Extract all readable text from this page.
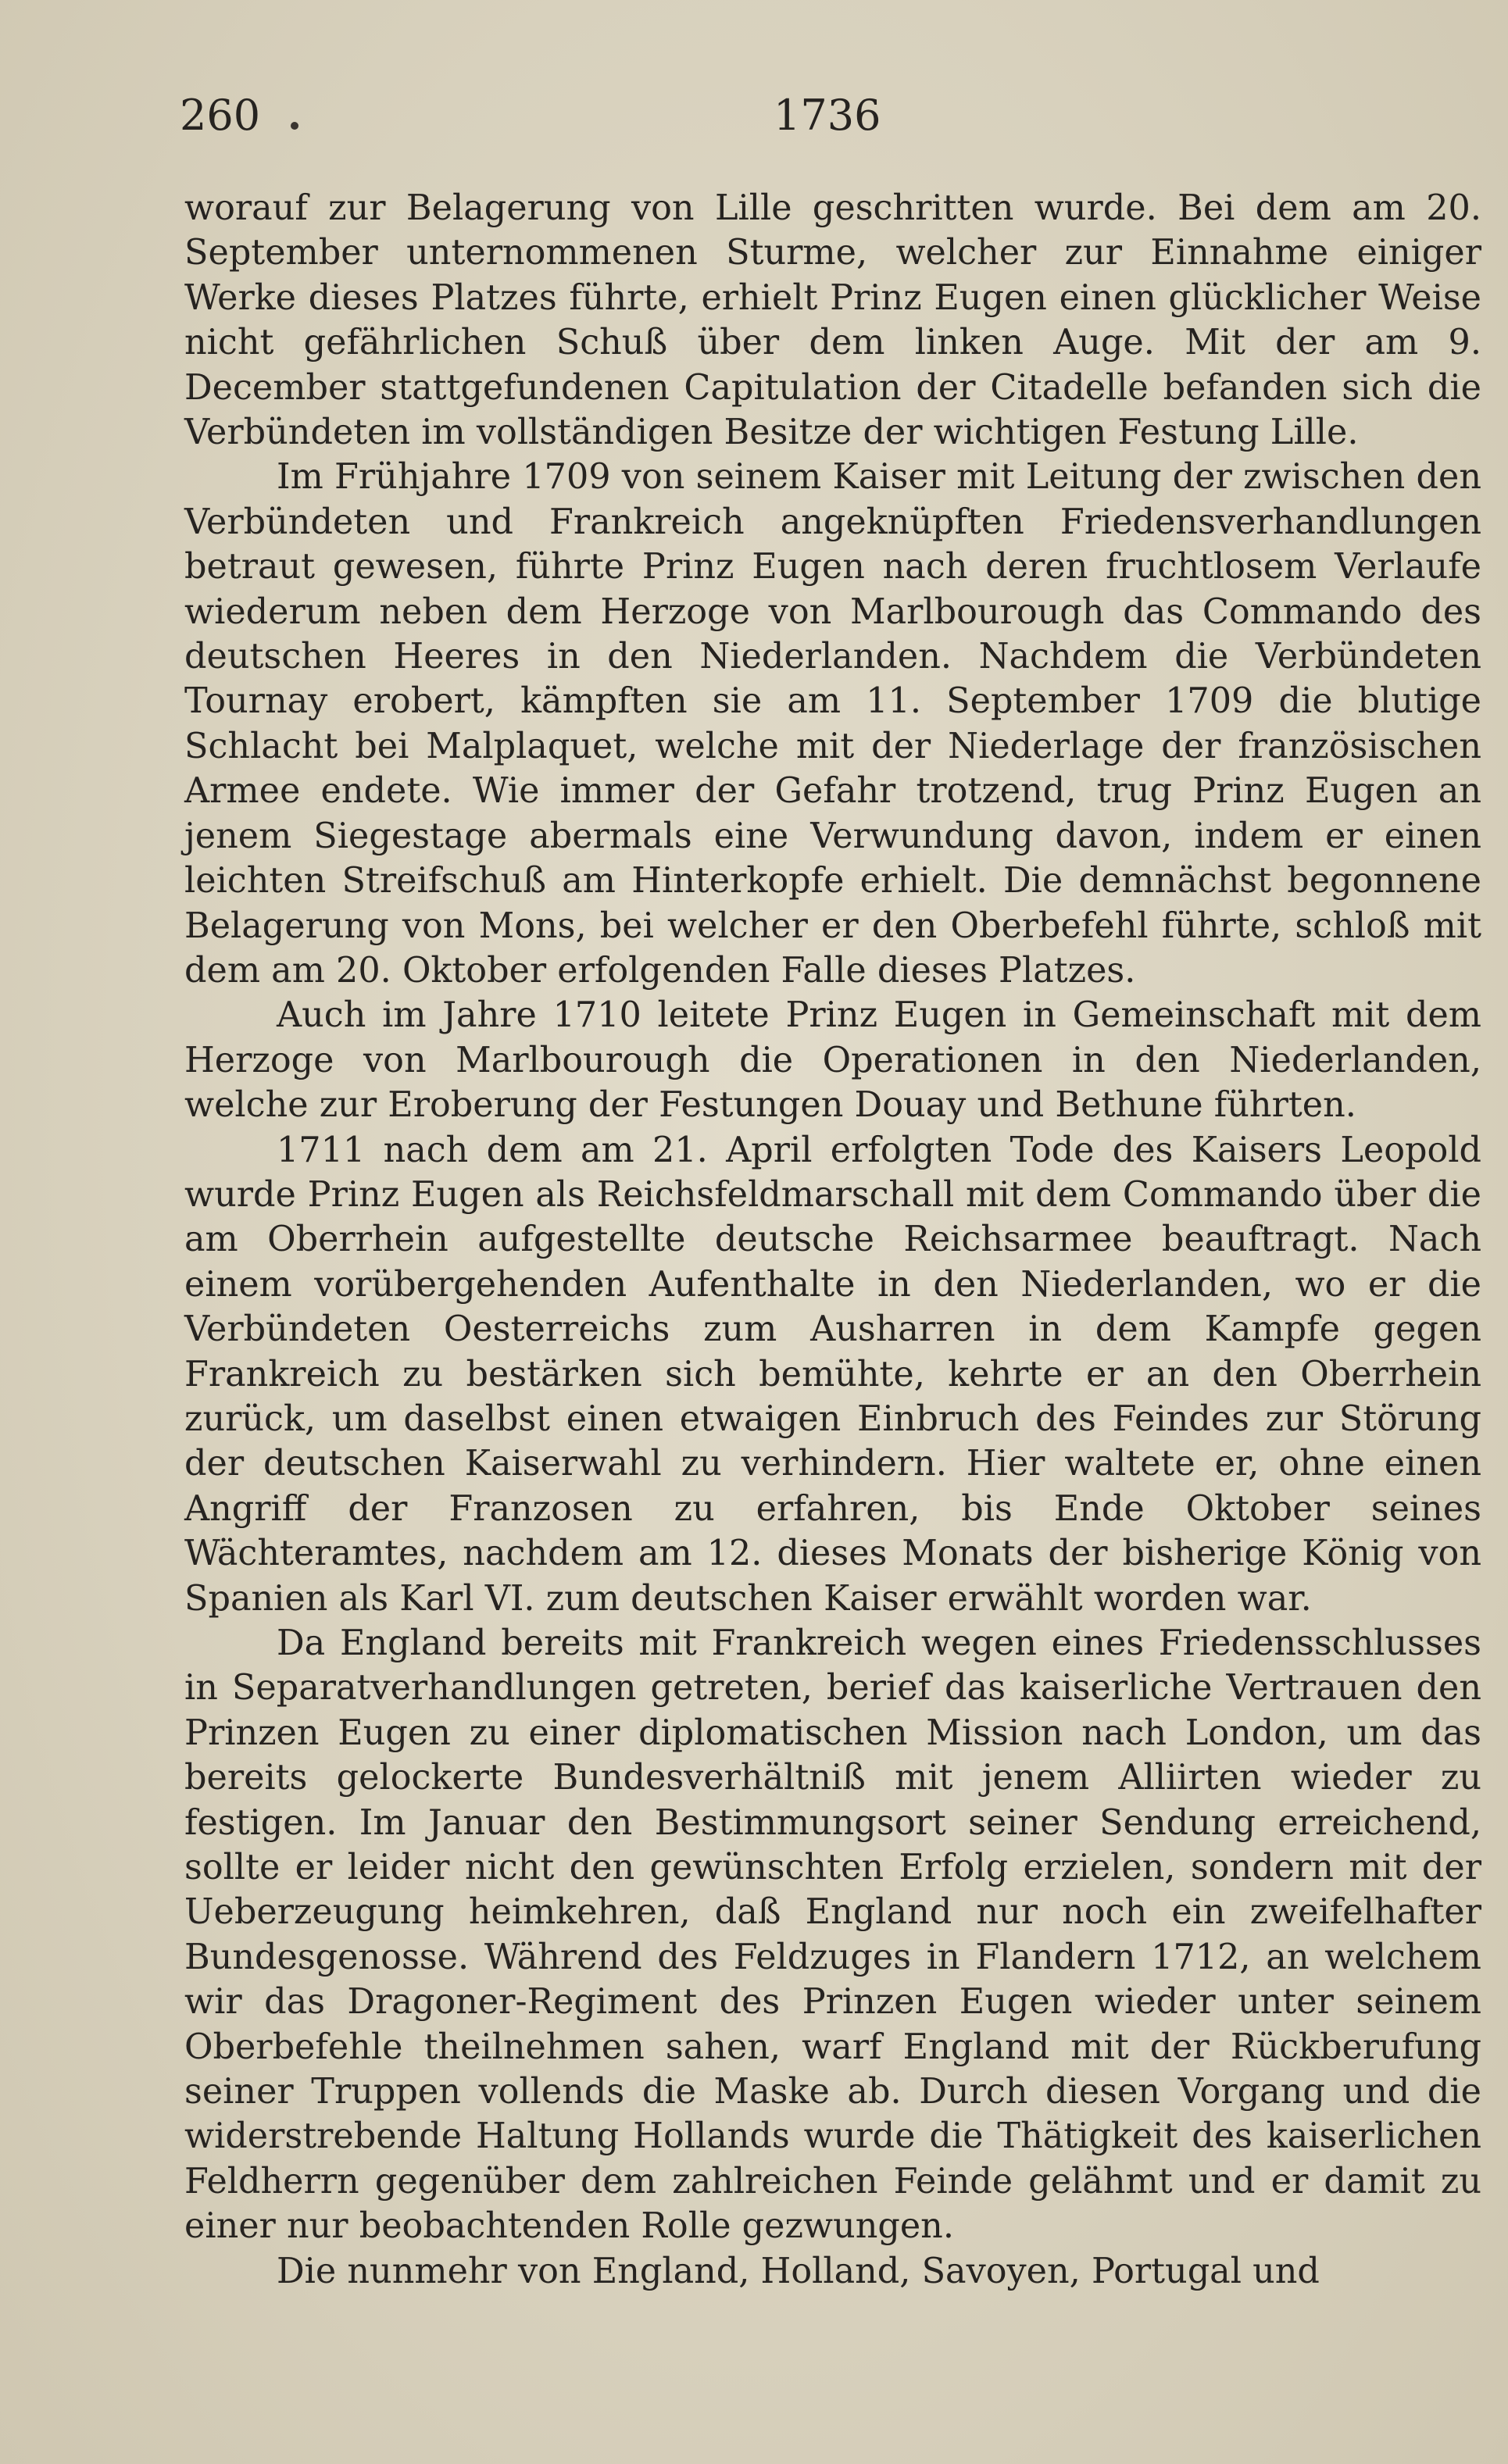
260	1736

worauf zur Belagerung von Lille geschritten wurde. Bei dem am 20. September unternommenen Sturme, welcher zur Einnahme einiger Werke dieses Platzes führte, erhielt Prinz Eugen einen glücklicher Weise nicht gefährlichen Schuß über dem linken Auge. Mit der am 9. December stattgefundenen Capitulation der Citadelle befanden sich die Verbündeten im vollständigen Besitze der wichtigen Festung Lille.

Im Frühjahre 1709 von seinem Kaiser mit Leitung der zwischen den Verbündeten und Frankreich angeknüpften Friedensverhandlungen betraut gewesen, führte Prinz Eugen nach deren fruchtlosem Verlaufe wiederum neben dem Herzoge von Marlbourough das Commando des deutschen Heeres in den Niederlanden. Nachdem die Verbündeten Tournay erobert, kämpften sie am 11. September 1709 die blutige Schlacht bei Malplaquet, welche mit der Niederlage der französischen Armee endete. Wie immer der Gefahr trotzend, trug Prinz Eugen an jenem Siegestage abermals eine Verwundung davon, indem er einen leichten Streifschuß am Hinterkopfe erhielt. Die demnächst begonnene Belagerung von Mons, bei welcher er den Oberbefehl führte, schloß mit dem am 20. Oktober erfolgenden Falle dieses Platzes.

Auch im Jahre 1710 leitete Prinz Eugen in Gemeinschaft mit dem Herzoge von Marlbourough die Operationen in den Niederlanden, welche zur Eroberung der Festungen Douay und Bethune führten.

1711 nach dem am 21. April erfolgten Tode des Kaisers Leopold wurde Prinz Eugen als Reichsfeldmarschall mit dem Commando über die am Oberrhein aufgestellte deutsche Reichsarmee beauftragt. Nach einem vorübergehenden Aufenthalte in den Niederlanden, wo er die Verbündeten Oesterreichs zum Ausharren in dem Kampfe gegen Frankreich zu bestärken sich bemühte, kehrte er an den Oberrhein zurück, um daselbst einen etwaigen Einbruch des Feindes zur Störung der deutschen Kaiserwahl zu verhindern. Hier waltete er, ohne einen Angriff der Franzosen zu erfahren, bis Ende Oktober seines Wächteramtes, nachdem am 12. dieses Monats der bisherige König von Spanien als Karl VI. zum deutschen Kaiser erwählt worden war.

Da England bereits mit Frankreich wegen eines Friedensschlusses in Separatverhandlungen getreten, berief das kaiserliche Vertrauen den Prinzen Eugen zu einer diplomatischen Mission nach London, um das bereits gelockerte Bundesverhältniß mit jenem Alliirten wieder zu festigen. Im Januar den Bestimmungsort seiner Sendung erreichend, sollte er leider nicht den gewünschten Erfolg erzielen, sondern mit der Ueberzeugung heimkehren, daß England nur noch ein zweifelhafter Bundesgenosse. Während des Feldzuges in Flandern 1712, an welchem wir das Dragoner-Regiment des Prinzen Eugen wieder unter seinem Oberbefehle theilnehmen sahen, warf England mit der Rückberufung seiner Truppen vollends die Maske ab. Durch diesen Vorgang und die widerstrebende Haltung Hollands wurde die Thätigkeit des kaiserlichen Feldherrn gegenüber dem zahlreichen Feinde gelähmt und er damit zu einer nur beobachtenden Rolle gezwungen.

Die nunmehr von England, Holland, Savoyen, Portugal und
